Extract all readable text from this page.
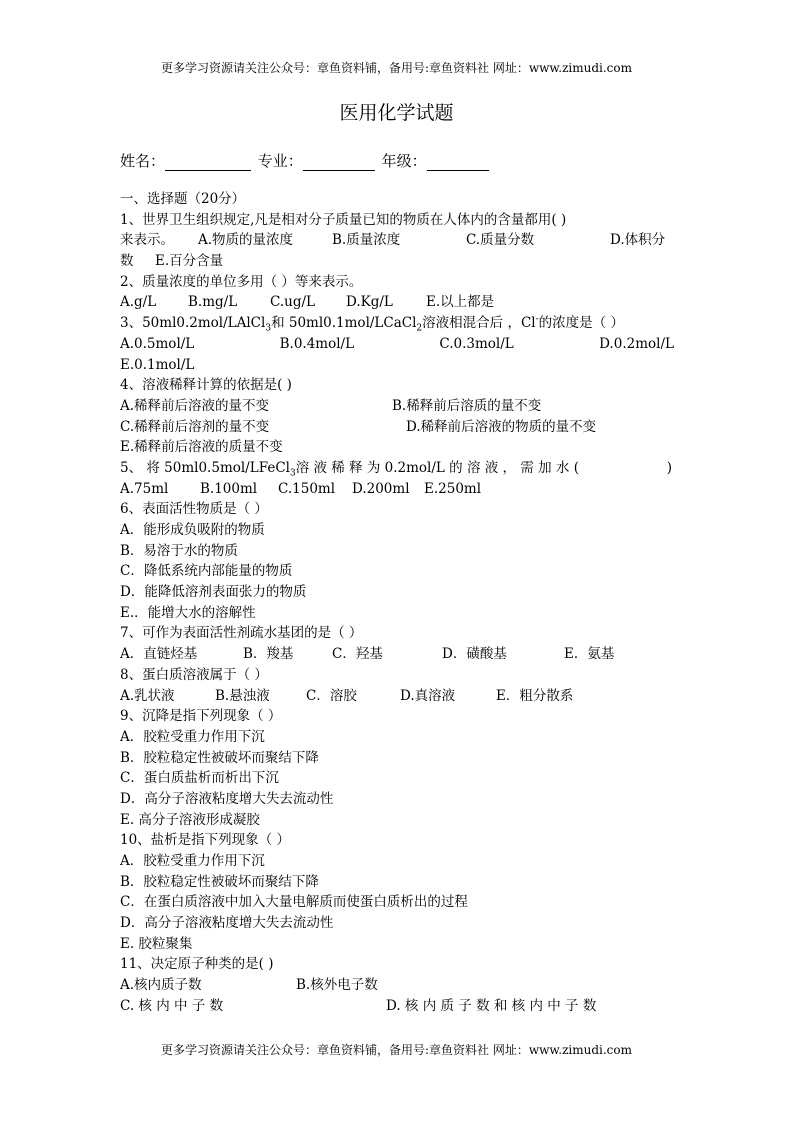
更多学习资源请关注公众号：章鱼资料铺，备用号:章鱼资料社 网址：www.zimudi.com
医用化学试题
姓名：	专业：	年级：
一、选择题（20分）
1、世界卫生组织规定,凡是相对分子质量已知的物质在人体内的含量都用( )
来表示。 A.物质的量浓度	B.质量浓度	C.质量分数	D.体积分
数 E.百分含量
2、质量浓度的单位多用（ ）等来表示。
A.g/L B.mg/L C.ug/L D.Kg/L E.以上都是
3、50ml0.2mol/LAlCl$_3$和 50ml0.1mol/LCaCl$_2$溶液相混合后 ，Cl-的浓度是（ ）
A.0.5mol/L	B.0.4mol/L	C.0.3mol/L	D.0.2mol/L
E.0.1mol/L
4、溶液稀释计算的依据是( )
A.稀释前后溶液的量不变	B.稀释前后溶质的量不变
C.稀释前后溶剂的量不变	D.稀释前后溶液的物质的量不变
E.稀释前后溶液的质量不变
5、 将 50ml0.5mol/LFeCl$_3$溶 液 稀 释 为 0.2mol/L 的 溶 液 ， 需 加 水 (	)
A.75ml B.100ml C.150ml D.200ml E.250ml
6、表面活性物质是（ ）
A．能形成负吸附的物质
B．易溶于水的物质
C．降低系统内部能量的物质
D．能降低溶剂表面张力的物质
E.．能增大水的溶解性
7、可作为表面活性剂疏水基团的是（ ）
A．直链烃基	B．羧基	C．羟基	D．磺酸基	E．氨基
8、蛋白质溶液属于（ ）
A.乳状液	B.悬浊液	C．溶胶	D.真溶液	E．粗分散系
9、沉降是指下列现象（ ）
A．胶粒受重力作用下沉
B．胶粒稳定性被破坏而聚结下降
C．蛋白质盐析而析出下沉
D．高分子溶液粘度增大失去流动性
E. 高分子溶液形成凝胶
10、盐析是指下列现象（ ）
A．胶粒受重力作用下沉
B．胶粒稳定性被破坏而聚结下降
C．在蛋白质溶液中加入大量电解质而使蛋白质析出的过程
D．高分子溶液粘度增大失去流动性
E. 胶粒聚集
11、决定原子种类的是( )
A.核内质子数	B.核外电子数
C. 核 内 中 子 数	D. 核 内 质 子 数 和 核 内 中 子 数
更多学习资源请关注公众号：章鱼资料铺，备用号:章鱼资料社 网址：www.zimudi.com
